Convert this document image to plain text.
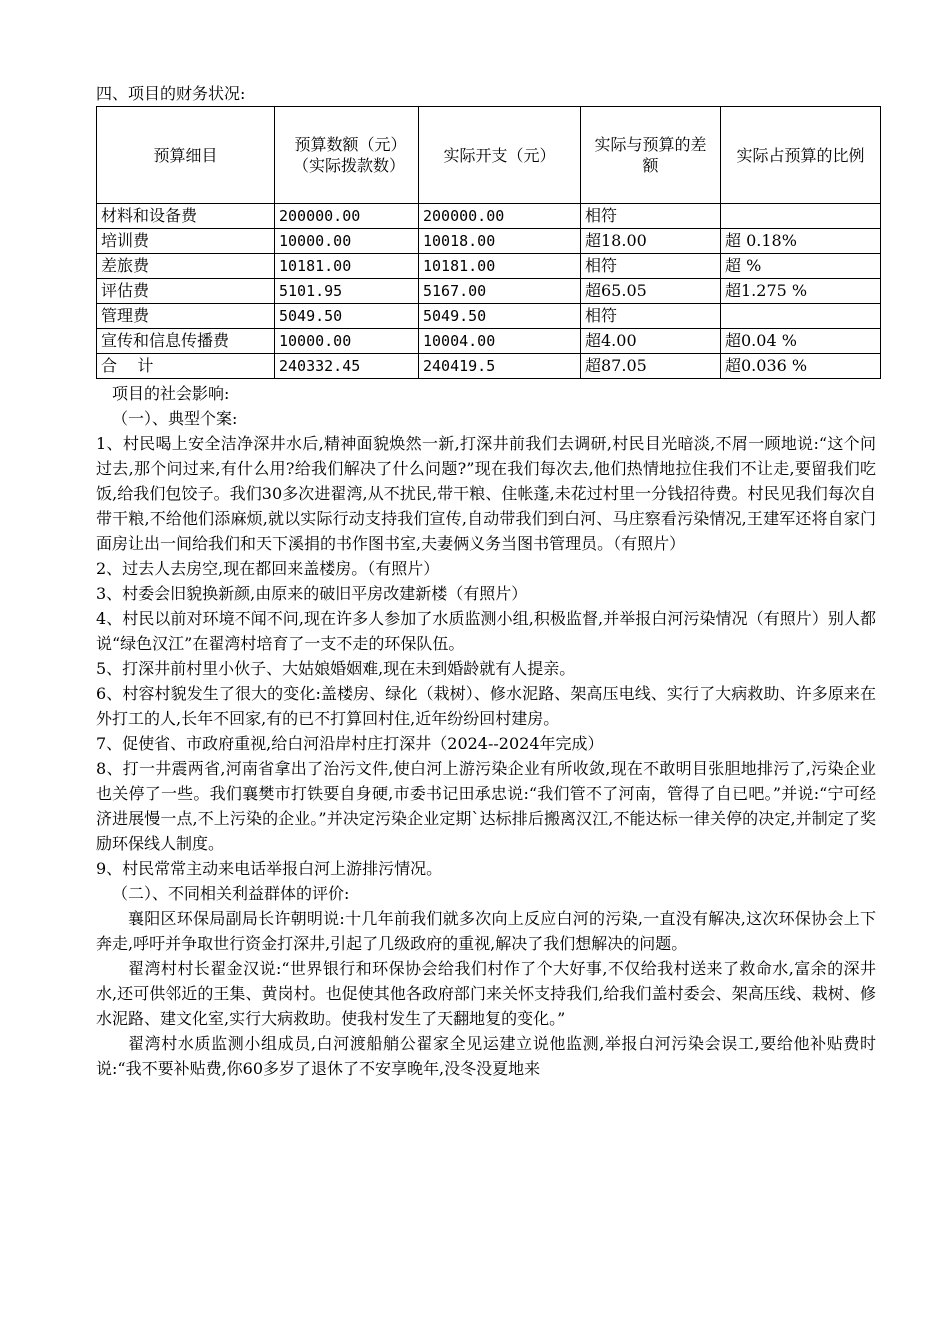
四、项目的财务状况:
预算细目	预算数额（元）（实际拨款数）	实际开支（元）	实际与预算的差额	实际占预算的比例
材料和设备费	200000.00	200000.00	相符	
培训费	10000.00	10018.00	超18.00	超 0.18%
差旅费	10181.00	10181.00	相符	超 %
评估费	5101.95	5167.00	超65.05	超1.275 %
管理费	5049.50	5049.50	相符	
宣传和信息传播费	10000.00	10004.00	超4.00	超0.04 %
合    计	240332.45	240419.5	超87.05	超0.036 %

项目的社会影响:

（一）、典型个案:

1、村民喝上安全洁净深井水后,精神面貌焕然一新,打深井前我们去调研,村民目光暗淡,不屑一顾地说:“这个问过去,那个问过来,有什么用?给我们解决了什么问题?”现在我们每次去,他们热情地拉住我们不让走,要留我们吃饭,给我们包饺子。我们30多次进翟湾,从不扰民,带干粮、住帐蓬,未花过村里一分钱招待费。村民见我们每次自带干粮,不给他们添麻烦,就以实际行动支持我们宣传,自动带我们到白河、马庄察看污染情况,王建军还将自家门面房让出一间给我们和天下溪捐的书作图书室,夫妻俩义务当图书管理员。（有照片）

2、过去人去房空,现在都回来盖楼房。（有照片）

3、村委会旧貌换新颜,由原来的破旧平房改建新楼（有照片）

4、村民以前对环境不闻不问,现在许多人参加了水质监测小组,积极监督,并举报白河污染情况（有照片）别人都说“绿色汉江”在翟湾村培育了一支不走的环保队伍。

5、打深井前村里小伙子、大姑娘婚姻难,现在未到婚龄就有人提亲。

6、村容村貌发生了很大的变化:盖楼房、绿化（栽树）、修水泥路、架高压电线、实行了大病救助、许多原来在外打工的人,长年不回家,有的已不打算回村住,近年纷纷回村建房。

7、促使省、市政府重视,给白河沿岸村庄打深井（2024--2024年完成）

8、打一井震两省,河南省拿出了治污文件,使白河上游污染企业有所收敛,现在不敢明目张胆地排污了,污染企业也关停了一些。我们襄樊市打铁要自身硬,市委书记田承忠说:“我们管不了河南，管得了自已吧。”并说:“宁可经济进展慢一点,不上污染的企业。”并决定污染企业定期`达标排后搬离汉江,不能达标一律关停的决定,并制定了奖励环保线人制度。

9、村民常常主动来电话举报白河上游排污情况。

（二）、不同相关利益群体的评价:

襄阳区环保局副局长许朝明说:十几年前我们就多次向上反应白河的污染,一直没有解决,这次环保协会上下奔走,呼吁并争取世行资金打深井,引起了几级政府的重视,解决了我们想解决的问题。

翟湾村村长翟金汉说:“世界银行和环保协会给我们村作了个大好事,不仅给我村送来了救命水,富余的深井水,还可供邻近的王集、黄岗村。也促使其他各政府部门来关怀支持我们,给我们盖村委会、架高压线、栽树、修水泥路、建文化室,实行大病救助。使我村发生了天翻地复的变化。”

翟湾村水质监测小组成员,白河渡船艄公翟家全见运建立说他监测,举报白河污染会误工,要给他补贴费时说:“我不要补贴费,你60多岁了退休了不安享晚年,没冬没夏地来
